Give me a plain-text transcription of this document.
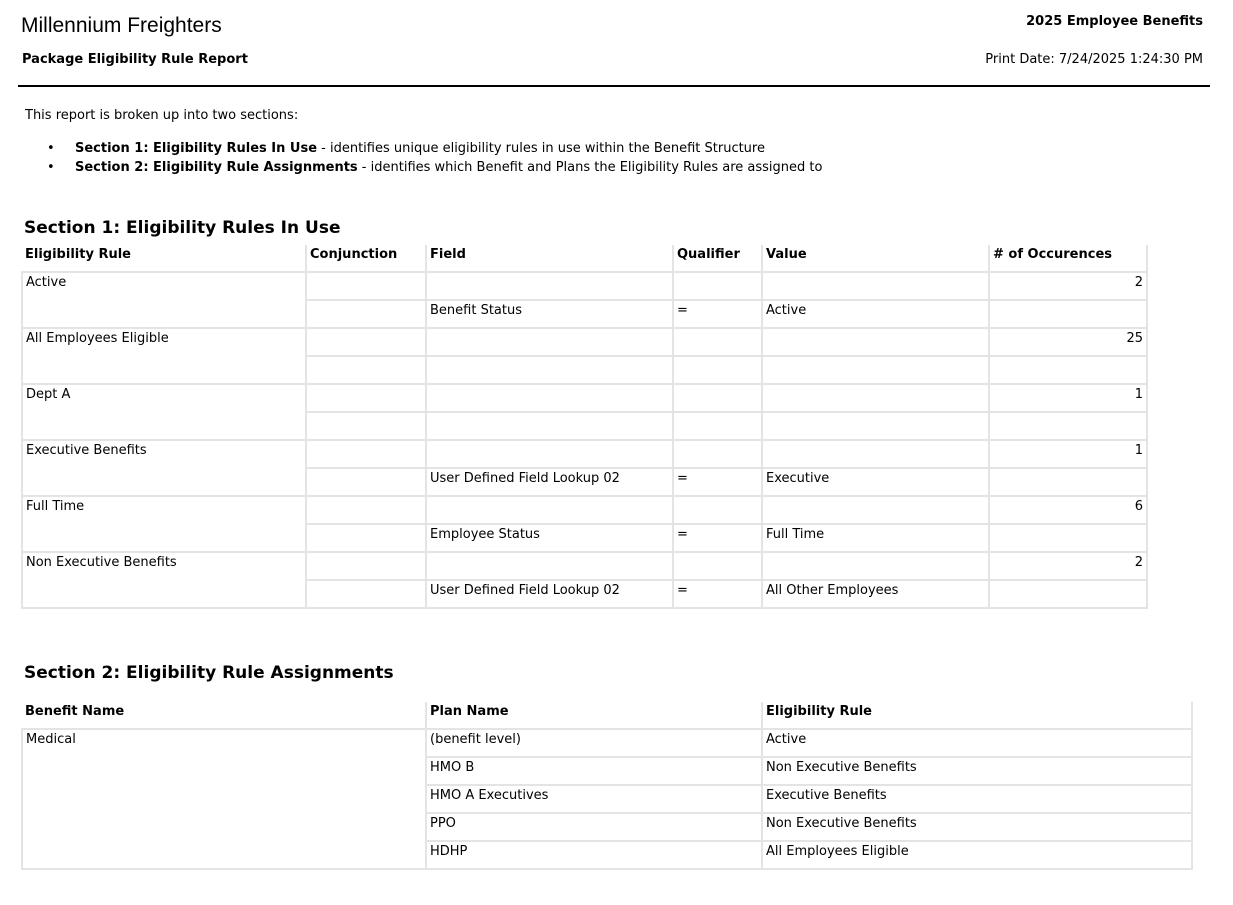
Millennium Freighters
Package Eligibility Rule Report
2025 Employee Benefits
Print Date: 7/24/2025 1:24:30 PM
This report is broken up into two sections:
• Section 1: Eligibility Rules In Use - identifies unique eligibility rules in use within the Benefit Structure
• Section 2: Eligibility Rule Assignments - identifies which Benefit and Plans the Eligibility Rules are assigned to
Section 1: Eligibility Rules In Use
Eligibility Rule	Conjunction	Field	Qualifier	Value	# of Occurences
Active					2
		Benefit Status	=	Active	
All Employees Eligible					25

Dept A					1

Executive Benefits					1
		User Defined Field Lookup 02	=	Executive	
Full Time					6
		Employee Status	=	Full Time	
Non Executive Benefits					2
		User Defined Field Lookup 02	=	All Other Employees	
Section 2: Eligibility Rule Assignments
Benefit Name	Plan Name	Eligibility Rule
Medical	(benefit level)	Active
	HMO B	Non Executive Benefits
	HMO A Executives	Executive Benefits
	PPO	Non Executive Benefits
	HDHP	All Employees Eligible
